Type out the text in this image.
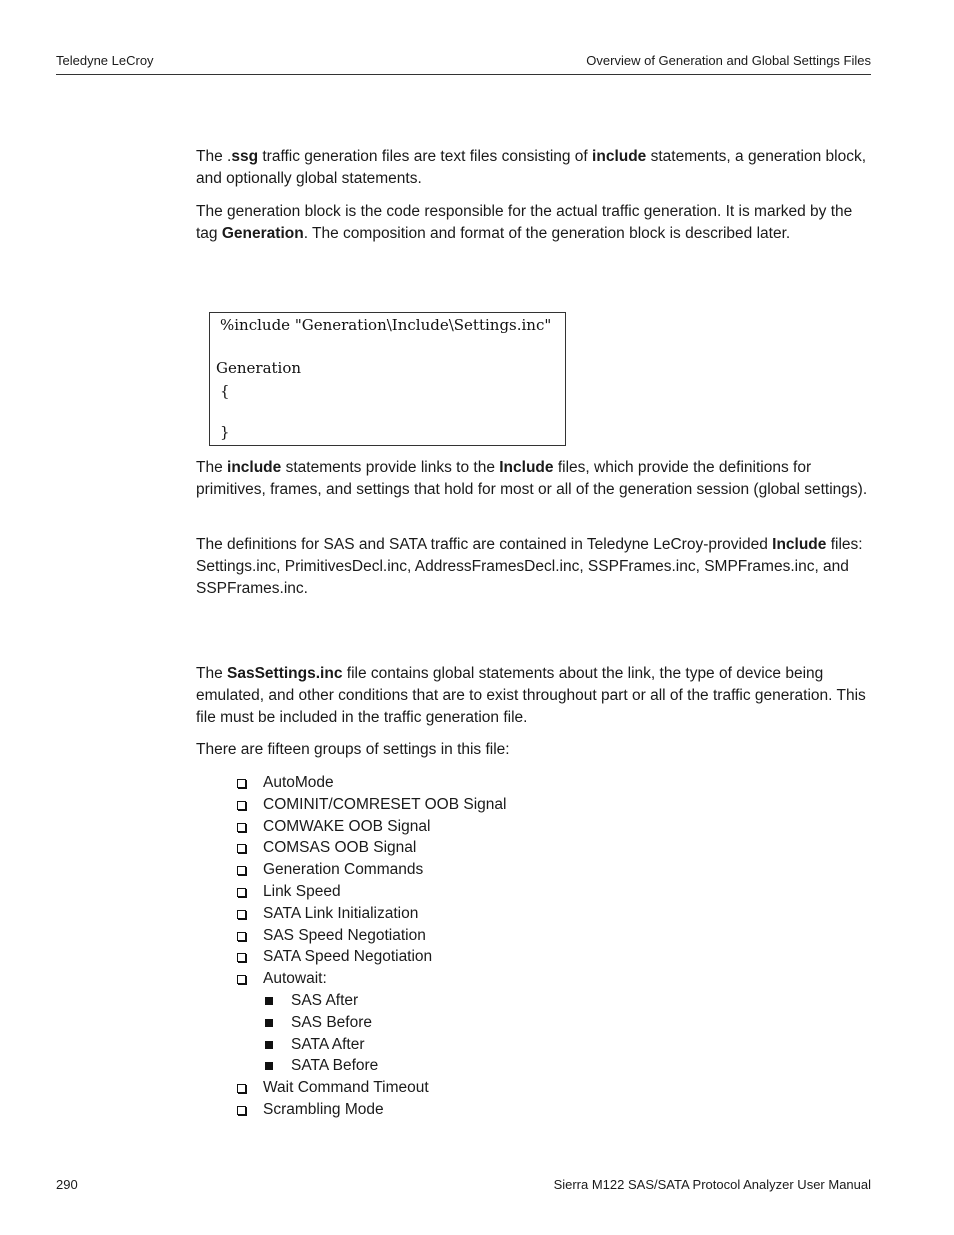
Teledyne LeCroy	Overview of Generation and Global Settings Files

The .ssg traffic generation files are text files consisting of include statements, a generation block, and optionally global statements.

The generation block is the code responsible for the actual traffic generation. It is marked by the tag Generation. The composition and format of the generation block is described later.

%include "Generation\Include\Settings.inc"
Generation
{
}

The include statements provide links to the Include files, which provide the definitions for primitives, frames, and settings that hold for most or all of the generation session (global settings).

The definitions for SAS and SATA traffic are contained in Teledyne LeCroy-provided Include files: Settings.inc, PrimitivesDecl.inc, AddressFramesDecl.inc, SSPFrames.inc, SMPFrames.inc, and SSPFrames.inc.

The SasSettings.inc file contains global statements about the link, the type of device being emulated, and other conditions that are to exist throughout part or all of the traffic generation. This file must be included in the traffic generation file.

There are fifteen groups of settings in this file:

AutoMode
COMINIT/COMRESET OOB Signal
COMWAKE OOB Signal
COMSAS OOB Signal
Generation Commands
Link Speed
SATA Link Initialization
SAS Speed Negotiation
SATA Speed Negotiation
Autowait:
SAS After
SAS Before
SATA After
SATA Before
Wait Command Timeout
Scrambling Mode
290	Sierra M122 SAS/SATA Protocol Analyzer User Manual
